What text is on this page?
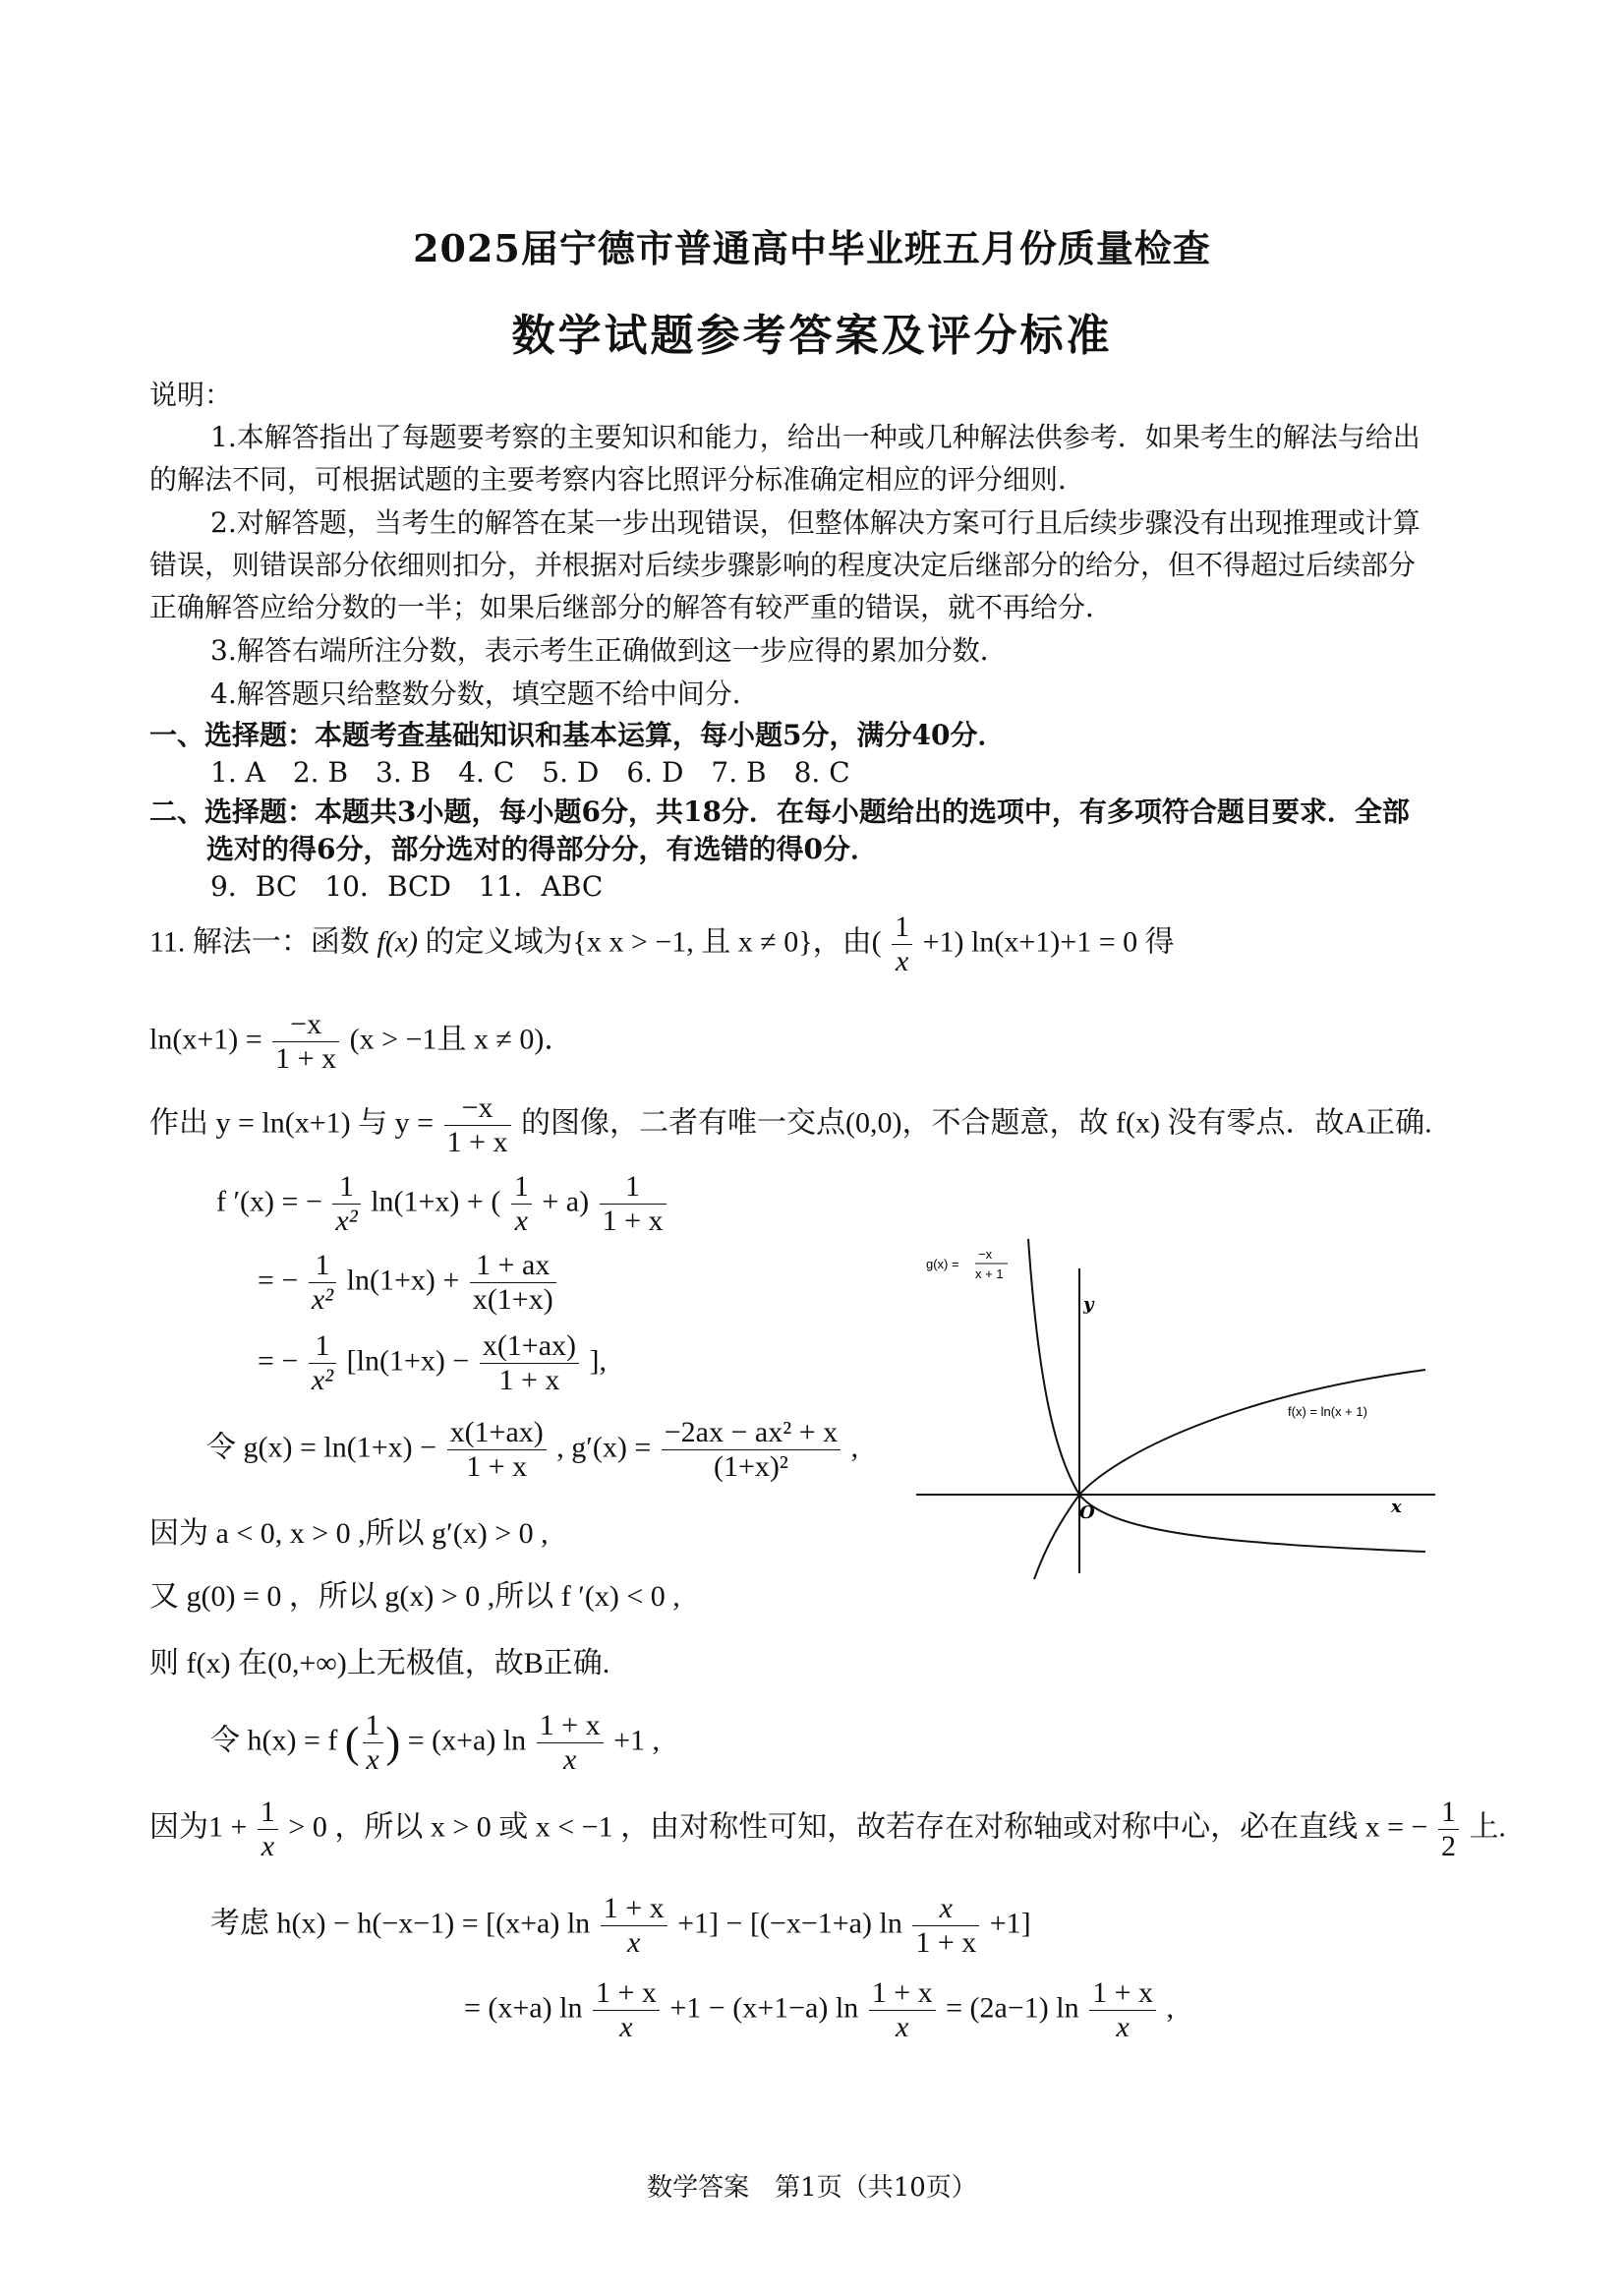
2025届宁德市普通高中毕业班五月份质量检查
数学试题参考答案及评分标准
说明：
1.本解答指出了每题要考察的主要知识和能力，给出一种或几种解法供参考．如果考生的解法与给出
的解法不同，可根据试题的主要考察内容比照评分标准确定相应的评分细则．
2.对解答题，当考生的解答在某一步出现错误，但整体解决方案可行且后续步骤没有出现推理或计算
错误，则错误部分依细则扣分，并根据对后续步骤影响的程度决定后继部分的给分，但不得超过后续部分
正确解答应给分数的一半；如果后继部分的解答有较严重的错误，就不再给分．
3.解答右端所注分数，表示考生正确做到这一步应得的累加分数．
4.解答题只给整数分数，填空题不给中间分．
一、选择题：本题考查基础知识和基本运算，每小题5分，满分40分．
1. A　2. B　3. B　4. C　5. D　6. D　7. B　8. C
二、选择题：本题共3小题，每小题6分，共18分．在每小题给出的选项中，有多项符合题目要求．全部
选对的得6分，部分选对的得部分分，有选错的得0分．
9．BC　10．BCD　11．ABC
11. 解法一：函数 f(x) 的定义域为{x x > −1, 且 x ≠ 0}，由( $\frac{1}{x} +1$) ln(x+1)+1 = 0 得
$\ln(x+1) = \frac{-x}{1 + x} (x > -1$且 x ≠ 0)．
作出 y = ln(x+1) 与 $y = \frac{-x}{1 + x}$ 的图像，二者有唯一交点(0,0)，不合题意，故 f(x) 没有零点．故A正确.
f ′(x) = − $\frac{1}{\text{x²}} \ln(1+x)$ + ( $\frac{1}{x} + a) \frac{1}{1 + x}$
= − $\frac{1}{\text{x²}} \ln(1+x) + \frac{1 + ax}{x(1+x)}$
= − $\frac{1}{\text{x²}} [\ln(1+x) - \frac{x(1+ax)}{1 + x}$ ],
令 $g(x) = \ln(1+x) - \frac{x(1+ax)}{1 + x}$ , $g'(x) = \frac{\text{−2ax − ax² + x}}{\text{(1+x)²}}$ ,
因为 a < 0, x > 0 ,所以 g′(x) > 0 ,
又 g(0) = 0 ，所以 g(x) > 0 ,所以 f ′(x) < 0 ,
则 f(x) 在(0,+∞)上无极值，故B正确.
令 h(x) = f ( $\frac{1}{x}$ ) = (x+a) $\ln \frac{1 + x}{x} +1$ ,
因为$1 + \frac{1}{x} > 0$ ，所以 x > 0 或 x < −1 ，由对称性可知，故若存在对称轴或对称中心，必在直线 x = − $\frac{1}{2}$ 上.
考虑 h(x) − h(−x−1) = [(x+a) $\ln \frac{1 + x}{x} +1] - [(-x-1+a)$ $\ln \frac{x}{1 + x} +1$]
= (x+a) $\ln \frac{1 + x}{x} +1 - (x+1-a)$ $\ln \frac{1 + x}{x} = (2a-1)$ $\ln \frac{1 + x}{x}$ ,
g(x) =
−x
x + 1
f(x) = ln(x + 1)
y
x
O
数学答案　第1页（共10页）
